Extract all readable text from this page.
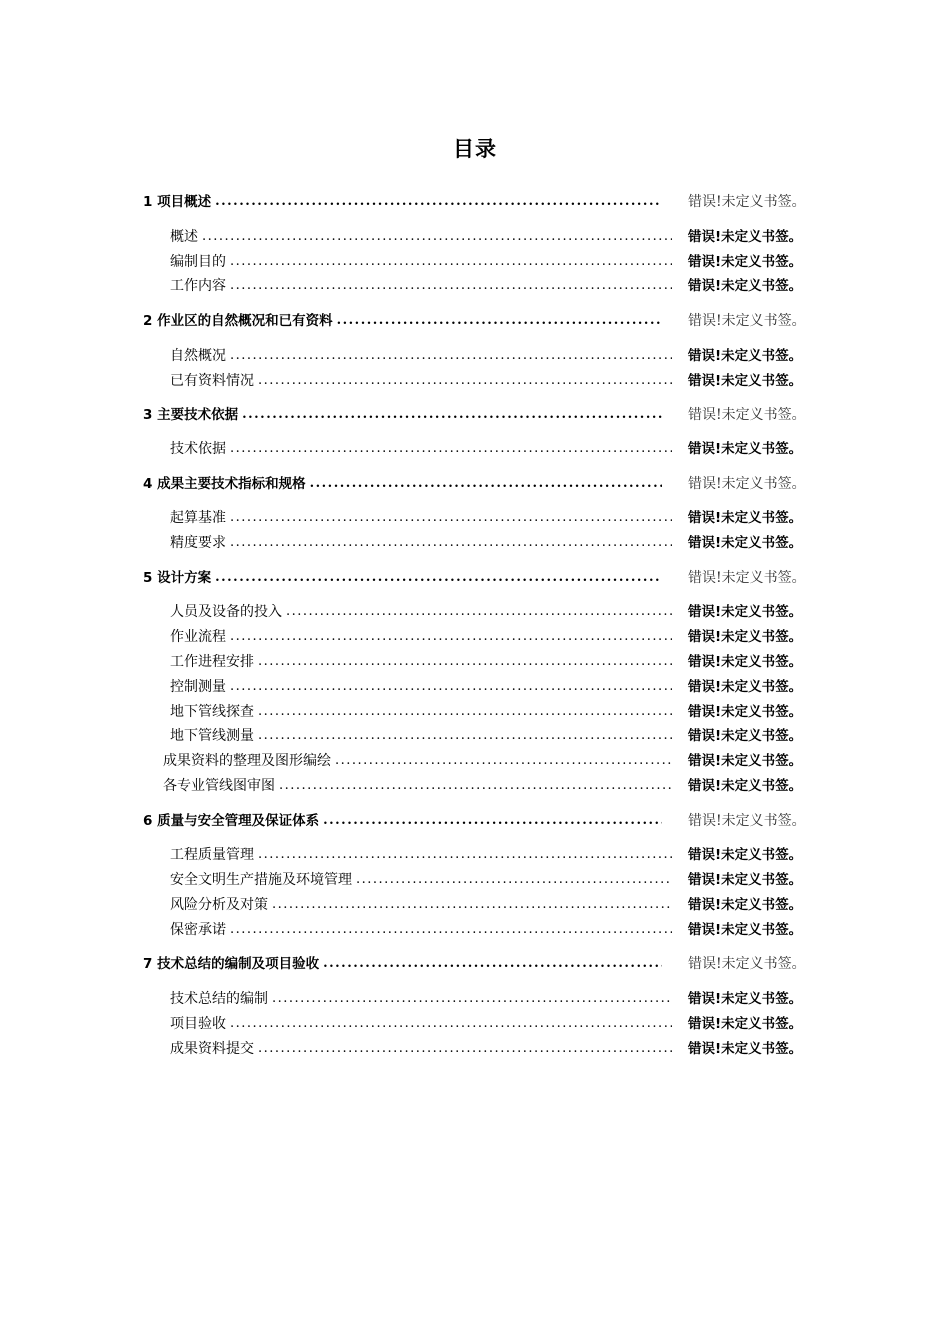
目录
1 项目概述 .....	错误!未定义书签。
概述 .....	错误!未定义书签。
编制目的 .....	错误!未定义书签。
工作内容 .....	错误!未定义书签。
2 作业区的自然概况和已有资料 .....	错误!未定义书签。
自然概况 .....	错误!未定义书签。
已有资料情况 .....	错误!未定义书签。
3 主要技术依据 .....	错误!未定义书签。
技术依据 .....	错误!未定义书签。
4 成果主要技术指标和规格 .....	错误!未定义书签。
起算基准 .....	错误!未定义书签。
精度要求 .....	错误!未定义书签。
5 设计方案 .....	错误!未定义书签。
人员及设备的投入 .....	错误!未定义书签。
作业流程 .....	错误!未定义书签。
工作进程安排 .....	错误!未定义书签。
控制测量 .....	错误!未定义书签。
地下管线探查 .....	错误!未定义书签。
地下管线测量 .....	错误!未定义书签。
成果资料的整理及图形编绘 .....	错误!未定义书签。
各专业管线图审图 .....	错误!未定义书签。
6 质量与安全管理及保证体系 .....	错误!未定义书签。
工程质量管理 .....	错误!未定义书签。
安全文明生产措施及环境管理 .....	错误!未定义书签。
风险分析及对策 .....	错误!未定义书签。
保密承诺 .....	错误!未定义书签。
7 技术总结的编制及项目验收 .....	错误!未定义书签。
技术总结的编制 .....	错误!未定义书签。
项目验收 .....	错误!未定义书签。
成果资料提交 .....	错误!未定义书签。
